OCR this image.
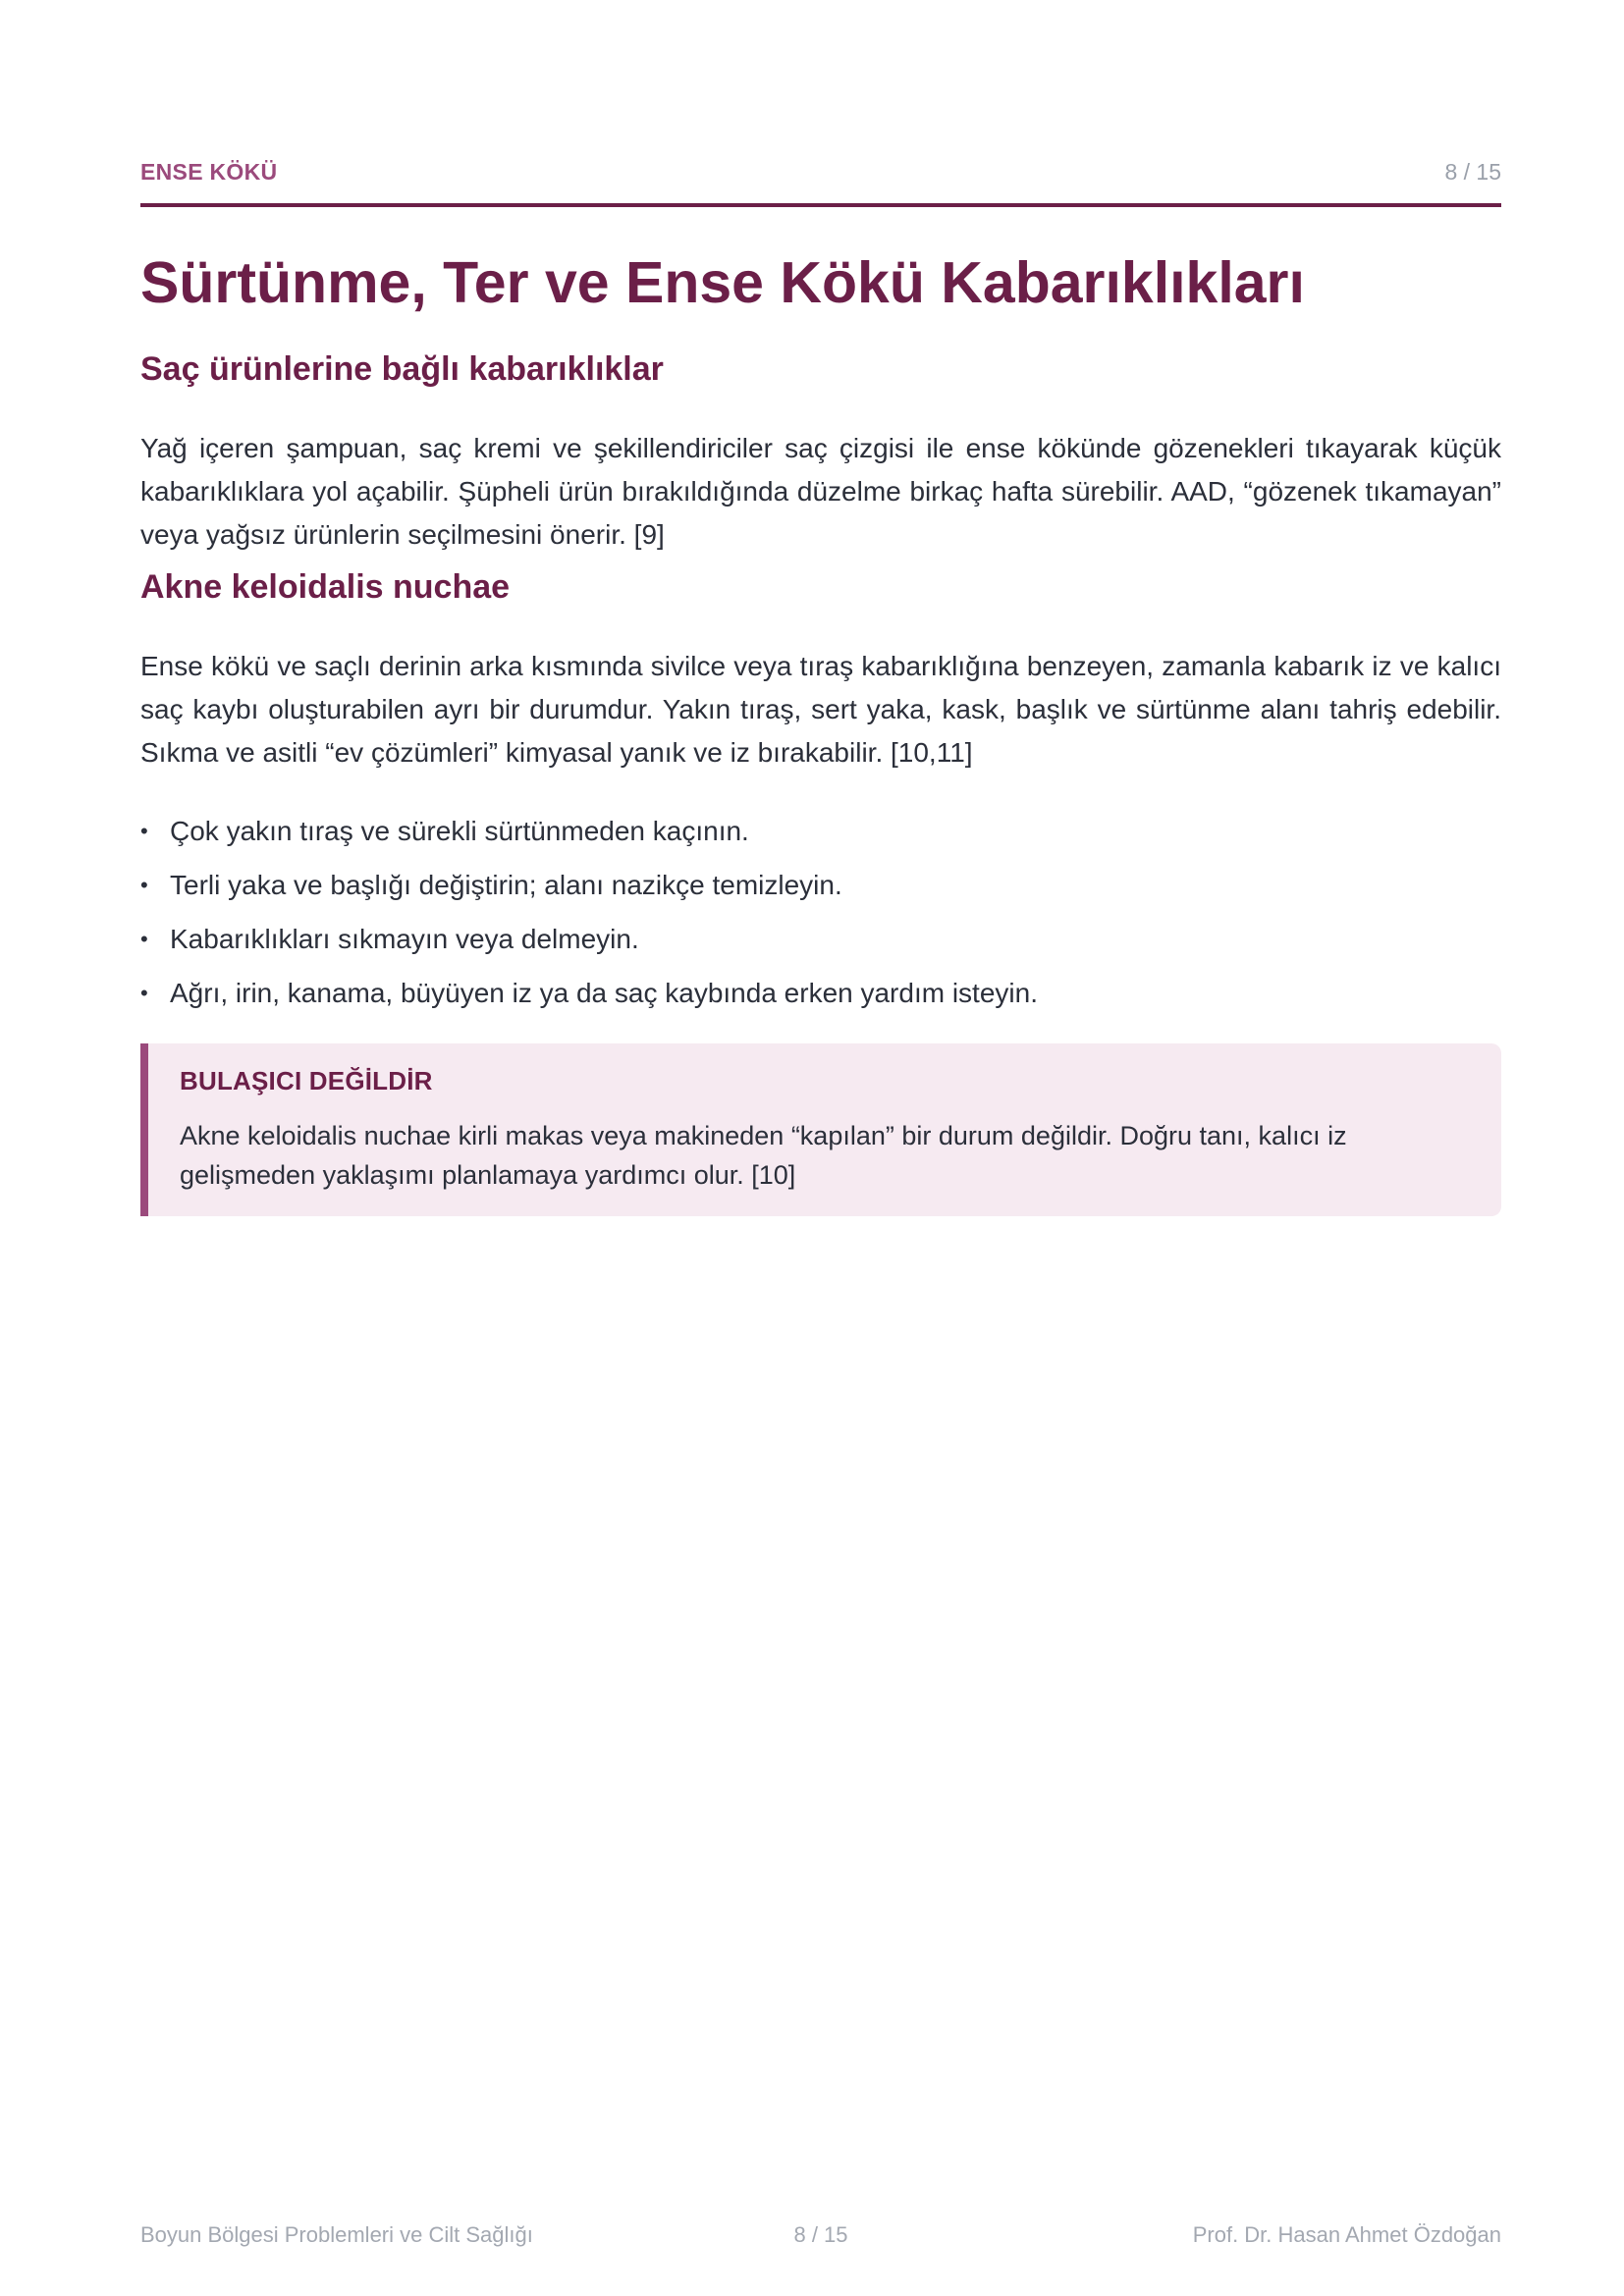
ENSE KÖKÜ	8 / 15
Sürtünme, Ter ve Ense Kökü Kabarıklıkları
Saç ürünlerine bağlı kabarıklıklar

Yağ içeren şampuan, saç kremi ve şekillendiriciler saç çizgisi ile ense kökünde gözenekleri tıkayarak küçük kabarıklıklara yol açabilir. Şüpheli ürün bırakıldığında düzelme birkaç hafta sürebilir. AAD, “gözenek tıkamayan” veya yağsız ürünlerin seçilmesini önerir. [9]

Akne keloidalis nuchae

Ense kökü ve saçlı derinin arka kısmında sivilce veya tıraş kabarıklığına benzeyen, zamanla kabarık iz ve kalıcı saç kaybı oluşturabilen ayrı bir durumdur. Yakın tıraş, sert yaka, kask, başlık ve sürtünme alanı tahriş edebilir. Sıkma ve asitli “ev çözümleri” kimyasal yanık ve iz bırakabilir. [10,11]

• Çok yakın tıraş ve sürekli sürtünmeden kaçının.
• Terli yaka ve başlığı değiştirin; alanı nazikçe temizleyin.
• Kabarıklıkları sıkmayın veya delmeyin.
• Ağrı, irin, kanama, büyüyen iz ya da saç kaybında erken yardım isteyin.
BULAŞICI DEĞİLDİR
Akne keloidalis nuchae kirli makas veya makineden “kapılan” bir durum değildir. Doğru tanı, kalıcı iz gelişmeden yaklaşımı planlamaya yardımcı olur. [10]
Boyun Bölgesi Problemleri ve Cilt Sağlığı	8 / 15	Prof. Dr. Hasan Ahmet Özdoğan
